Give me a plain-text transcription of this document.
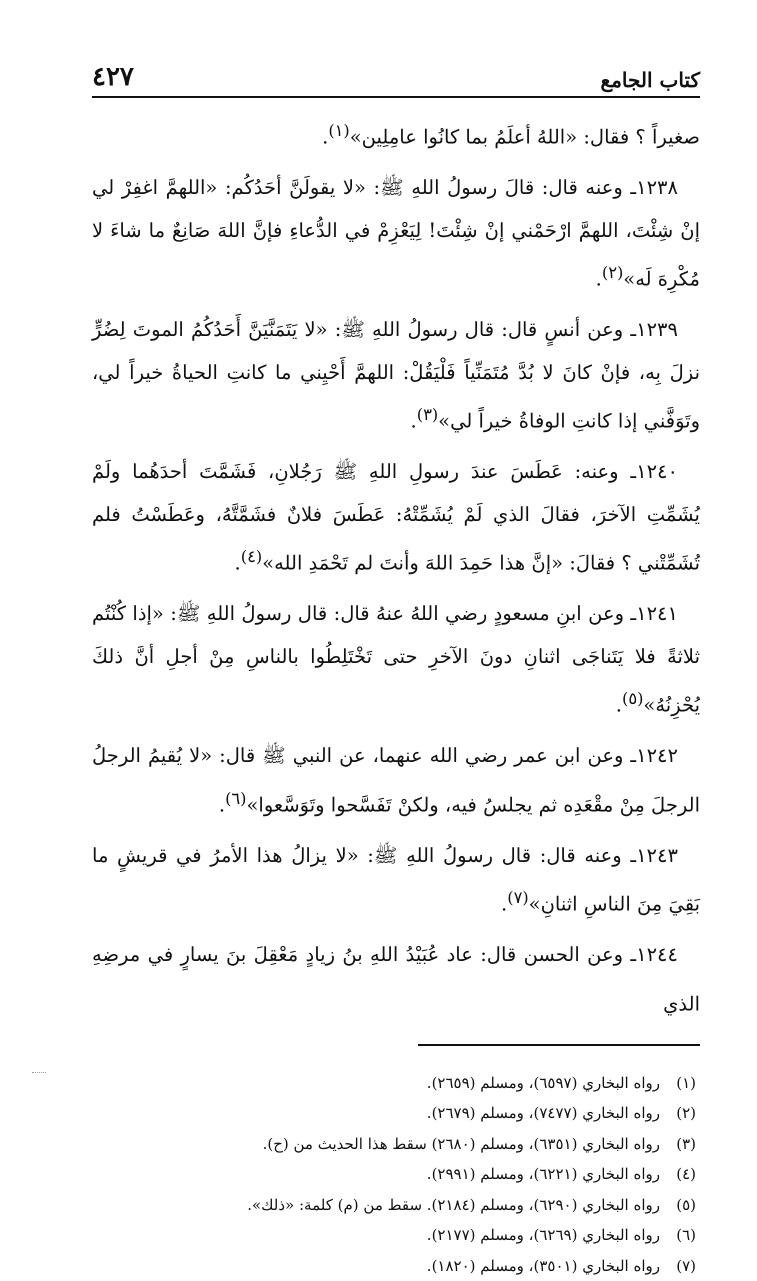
كتاب الجامع
٤٢٧

صغيراً ؟ فقال: «اللهُ أعلَمُ بما كانُوا عامِلِين»$^{(١)}$.

١٢٣٨ـ وعنه قال: قالَ رسولُ اللهِ ﷺ: «لا يقولَنَّ أحَدُكُم: «اللهمَّ اغفِرْ لي إنْ شِئْتَ، اللهمَّ ارْحَمْني إنْ شِئْتَ! لِيَعْزِمْ في الدُّعاءِ فإنَّ اللهَ صَانِعٌ ما شاءَ لا مُكْرِهَ لَه»$^{(٢)}$.

١٢٣٩ـ وعن أنسٍ قال: قال رسولُ اللهِ ﷺ: «لا يَتَمَنَّيَنَّ أَحَدُكُمُ الموتَ لِضُرٍّ نزلَ بِه، فإنْ كانَ لا بُدَّ مُتَمَنِّياً فَلْيَقُلْ: اللهمَّ أَحْيِني ما كانتِ الحياةُ خيراً لي، وتَوَفَّني إذا كانتِ الوفاةُ خيراً لي»$^{(٣)}$.

١٢٤٠ـ وعنه: عَطَسَ عندَ رسولِ اللهِ ﷺ رَجُلانِ، فَشَمَّتَ أحدَهُما ولَمْ يُشَمِّتِ الآخرَ، فقالَ الذي لَمْ يُشَمِّتْهُ: عَطَسَ فلانٌ فشَمَّتَّهُ، وعَطَسْتُ فلم تُشَمِّتْني ؟ فقالَ: «إنَّ هذا حَمِدَ اللهَ وأنتَ لم تَحْمَدِ الله»$^{(٤)}$.

١٢٤١ـ وعن ابنِ مسعودٍ رضي اللهُ عنهُ قال: قال رسولُ اللهِ ﷺ: «إذا كُنْتُم ثلاثةً فلا يَتَناجَى اثنانِ دونَ الآخرِ حتى تَخْتَلِطُوا بالناسِ مِنْ أجلِ أنَّ ذلكَ يُحْزِنُهُ»$^{(٥)}$.

١٢٤٢ـ وعن ابن عمر رضي الله عنهما، عن النبي ﷺ قال: «لا يُقيمُ الرجلُ الرجلَ مِنْ مقْعَدِه ثم يجلسُ فيه، ولكنْ تَفَسَّحوا وتَوَسَّعوا»$^{(٦)}$.

١٢٤٣ـ وعنه قال: قال رسولُ اللهِ ﷺ: «لا يزالُ هذا الأمرُ في قريشٍ ما بَقِيَ مِنَ الناسِ اثنانِ»$^{(٧)}$.

١٢٤٤ـ وعن الحسن قال: عاد عُبَيْدُ اللهِ بنُ زيادٍ مَعْقِلَ بنَ يسارٍ في مرضِهِ الذي

(١)رواه البخاري (٦٥٩٧)، ومسلم (٢٦٥٩).
(٢)رواه البخاري (٧٤٧٧)، ومسلم (٢٦٧٩).
(٣)رواه البخاري (٦٣٥١)، ومسلم (٢٦٨٠) سقط هذا الحديث من (ح).
(٤)رواه البخاري (٦٢٢١)، ومسلم (٢٩٩١).
(٥)رواه البخاري (٦٢٩٠)، ومسلم (٢١٨٤). سقط من (م) كلمة: «ذلك».
(٦)رواه البخاري (٦٢٦٩)، ومسلم (٢١٧٧).
(٧)رواه البخاري (٣٥٠١)، ومسلم (١٨٢٠).
